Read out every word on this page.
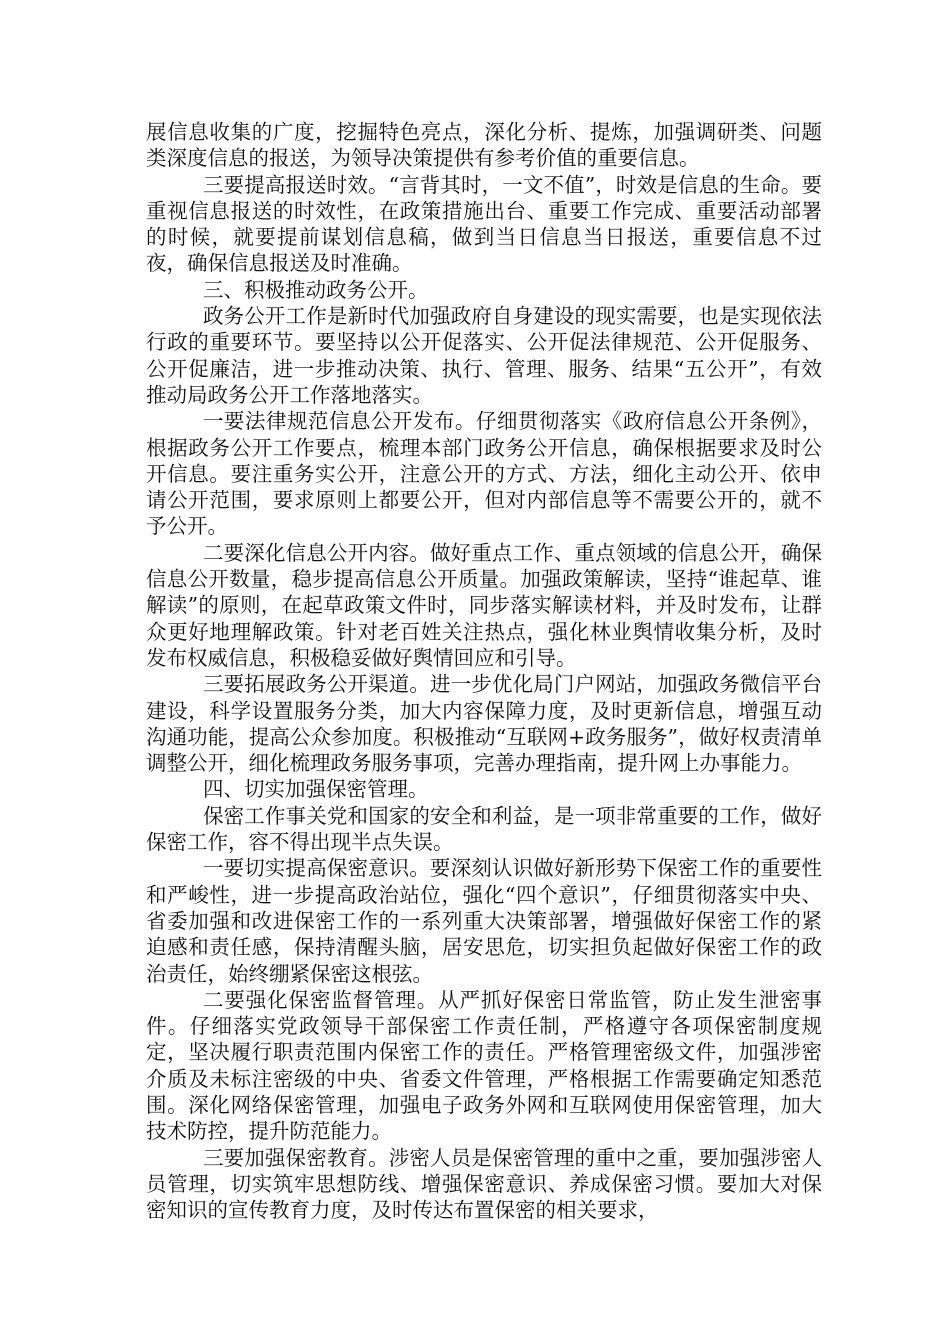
展信息收集的广度，挖掘特色亮点，深化分析、提炼，加强调研类、问题类深度信息的报送，为领导决策提供有参考价值的重要信息。

三要提高报送时效。“言背其时，一文不值”，时效是信息的生命。要重视信息报送的时效性，在政策措施出台、重要工作完成、重要活动部署的时候，就要提前谋划信息稿，做到当日信息当日报送，重要信息不过夜，确保信息报送及时准确。

三、积极推动政务公开。

政务公开工作是新时代加强政府自身建设的现实需要，也是实现依法行政的重要环节。要坚持以公开促落实、公开促法律规范、公开促服务、公开促廉洁，进一步推动决策、执行、管理、服务、结果“五公开”，有效推动局政务公开工作落地落实。

一要法律规范信息公开发布。仔细贯彻落实《政府信息公开条例》，根据政务公开工作要点，梳理本部门政务公开信息，确保根据要求及时公开信息。要注重务实公开，注意公开的方式、方法，细化主动公开、依申请公开范围，要求原则上都要公开，但对内部信息等不需要公开的，就不予公开。

二要深化信息公开内容。做好重点工作、重点领域的信息公开，确保信息公开数量，稳步提高信息公开质量。加强政策解读，坚持“谁起草、谁解读”的原则，在起草政策文件时，同步落实解读材料，并及时发布，让群众更好地理解政策。针对老百姓关注热点，强化林业舆情收集分析，及时发布权威信息，积极稳妥做好舆情回应和引导。

三要拓展政务公开渠道。进一步优化局门户网站，加强政务微信平台建设，科学设置服务分类，加大内容保障力度，及时更新信息，增强互动沟通功能，提高公众参加度。积极推动“互联网+政务服务”，做好权责清单调整公开，细化梳理政务服务事项，完善办理指南，提升网上办事能力。

四、切实加强保密管理。

保密工作事关党和国家的安全和利益，是一项非常重要的工作，做好保密工作，容不得出现半点失误。

一要切实提高保密意识。要深刻认识做好新形势下保密工作的重要性和严峻性，进一步提高政治站位，强化“四个意识”，仔细贯彻落实中央、省委加强和改进保密工作的一系列重大决策部署，增强做好保密工作的紧迫感和责任感，保持清醒头脑，居安思危，切实担负起做好保密工作的政治责任，始终绷紧保密这根弦。

二要强化保密监督管理。从严抓好保密日常监管，防止发生泄密事件。仔细落实党政领导干部保密工作责任制，严格遵守各项保密制度规定，坚决履行职责范围内保密工作的责任。严格管理密级文件，加强涉密介质及未标注密级的中央、省委文件管理，严格根据工作需要确定知悉范围。深化网络保密管理，加强电子政务外网和互联网使用保密管理，加大技术防控，提升防范能力。

三要加强保密教育。涉密人员是保密管理的重中之重，要加强涉密人员管理，切实筑牢思想防线、增强保密意识、养成保密习惯。要加大对保密知识的宣传教育力度，及时传达布置保密的相关要求，
